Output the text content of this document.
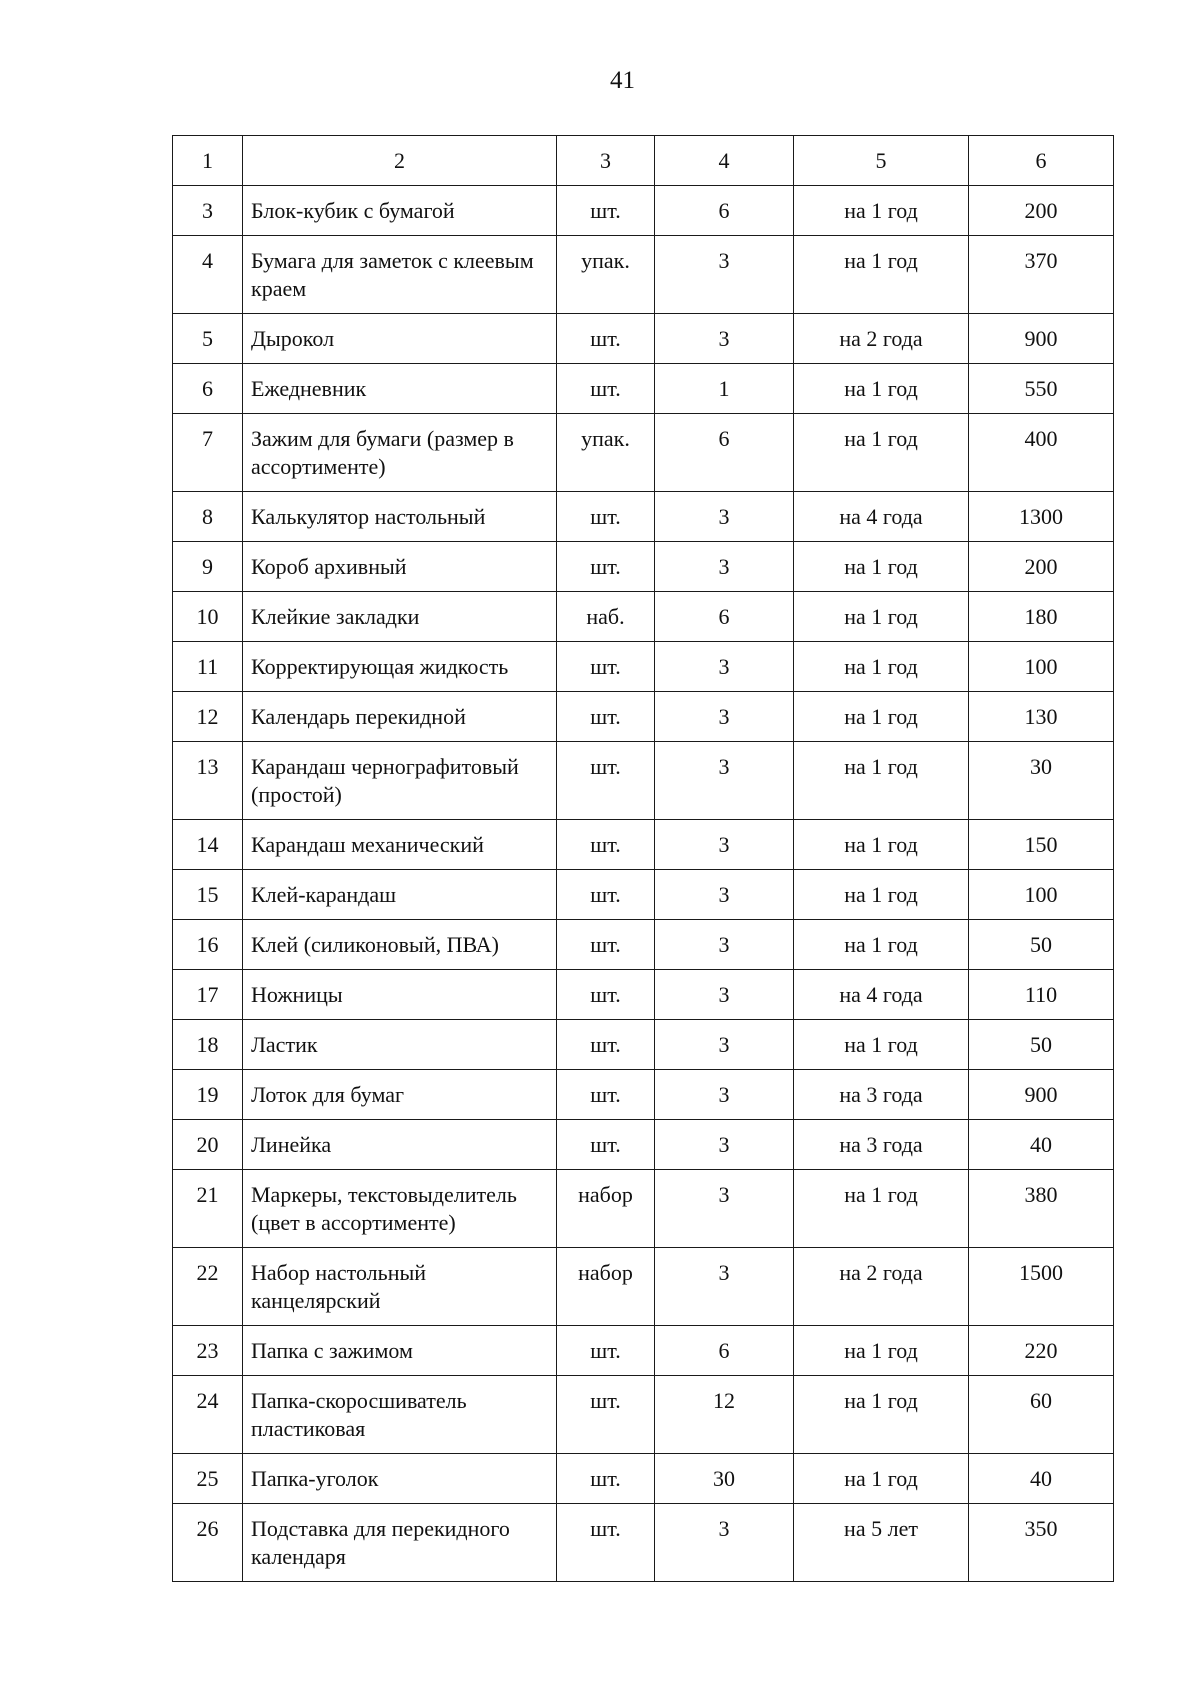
41
1	2	3	4	5	6
3	Блок-кубик с бумагой	шт.	6	на 1 год	200
4	Бумага для заметок с клеевым краем	упак.	3	на 1 год	370
5	Дырокол	шт.	3	на 2 года	900
6	Ежедневник	шт.	1	на 1 год	550
7	Зажим для бумаги (размер в ассортименте)	упак.	6	на 1 год	400
8	Калькулятор настольный	шт.	3	на 4 года	1300
9	Короб архивный	шт.	3	на 1 год	200
10	Клейкие закладки	наб.	6	на 1 год	180
11	Корректирующая жидкость	шт.	3	на 1 год	100
12	Календарь перекидной	шт.	3	на 1 год	130
13	Карандаш чернографитовый (простой)	шт.	3	на 1 год	30
14	Карандаш механический	шт.	3	на 1 год	150
15	Клей-карандаш	шт.	3	на 1 год	100
16	Клей (силиконовый, ПВА)	шт.	3	на 1 год	50
17	Ножницы	шт.	3	на 4 года	110
18	Ластик	шт.	3	на 1 год	50
19	Лоток для бумаг	шт.	3	на 3 года	900
20	Линейка	шт.	3	на 3 года	40
21	Маркеры, текстовыделитель (цвет в ассортименте)	набор	3	на 1 год	380
22	Набор настольный канцелярский	набор	3	на 2 года	1500
23	Папка с зажимом	шт.	6	на 1 год	220
24	Папка-скоросшиватель пластиковая	шт.	12	на 1 год	60
25	Папка-уголок	шт.	30	на 1 год	40
26	Подставка для перекидного календаря	шт.	3	на 5 лет	350
